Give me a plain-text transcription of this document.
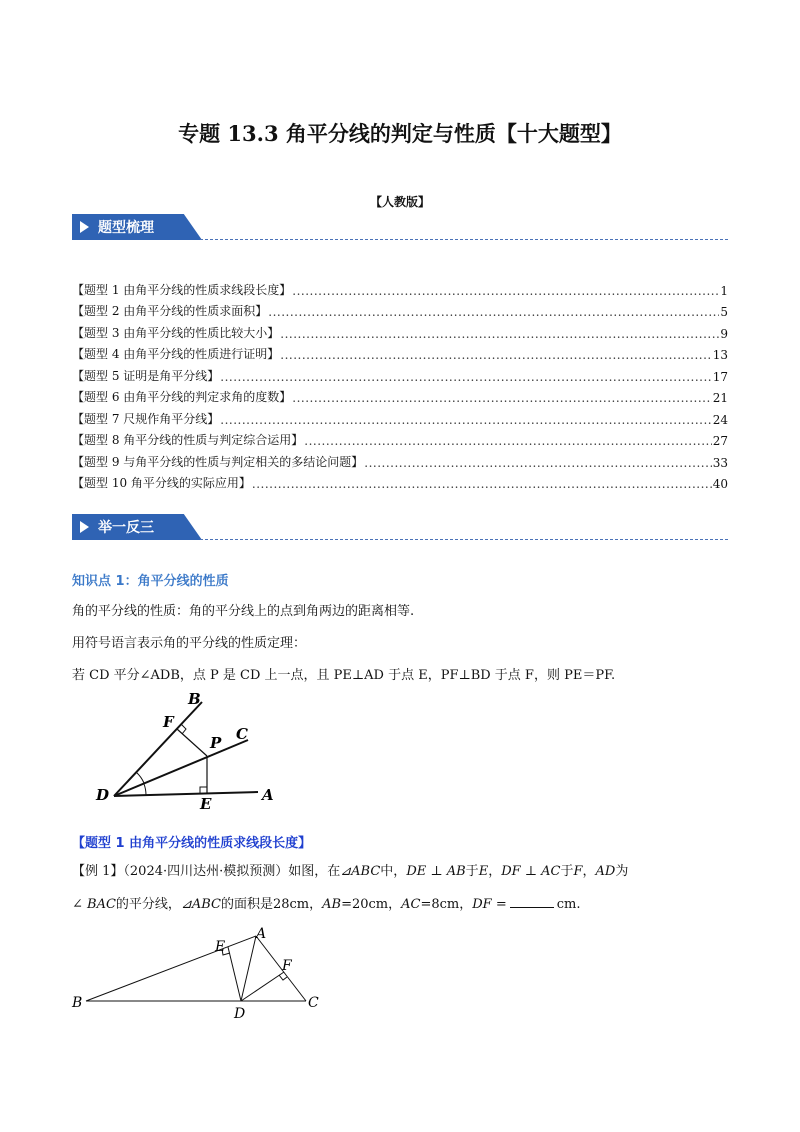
专题 13.3 角平分线的判定与性质【十大题型】
【人教版】
题型梳理
【题型 1 由角平分线的性质求线段长度】 .....	1
【题型 2 由角平分线的性质求面积】 .....	5
【题型 3 由角平分线的性质比较大小】 .....	9
【题型 4 由角平分线的性质进行证明】 .....	13
【题型 5 证明是角平分线】 .....	17
【题型 6 由角平分线的判定求角的度数】 .....	21
【题型 7 尺规作角平分线】 .....	24
【题型 8 角平分线的性质与判定综合运用】 .....	27
【题型 9 与角平分线的性质与判定相关的多结论问题】 .....	33
【题型 10 角平分线的实际应用】 .....	40
举一反三
知识点 1：角平分线的性质
角的平分线的性质：角的平分线上的点到角两边的距离相等.
用符号语言表示角的平分线的性质定理：
若 CD 平分∠ADB，点 P 是 CD 上一点，且 PE⊥AD 于点 E，PF⊥BD 于点 F，则 PE＝PF.
B
F
P C
D	E	A
【题型 1 由角平分线的性质求线段长度】
【例 1】（2024·四川达州·模拟预测）如图，在⊿ABC中，DE ⊥ AB于E，DF ⊥ AC于F，AD为
∠ BAC的平分线，⊿ABC的面积是28cm，AB=20cm，AC=8cm，DF =	cm.
A
B	C
D
E
F
